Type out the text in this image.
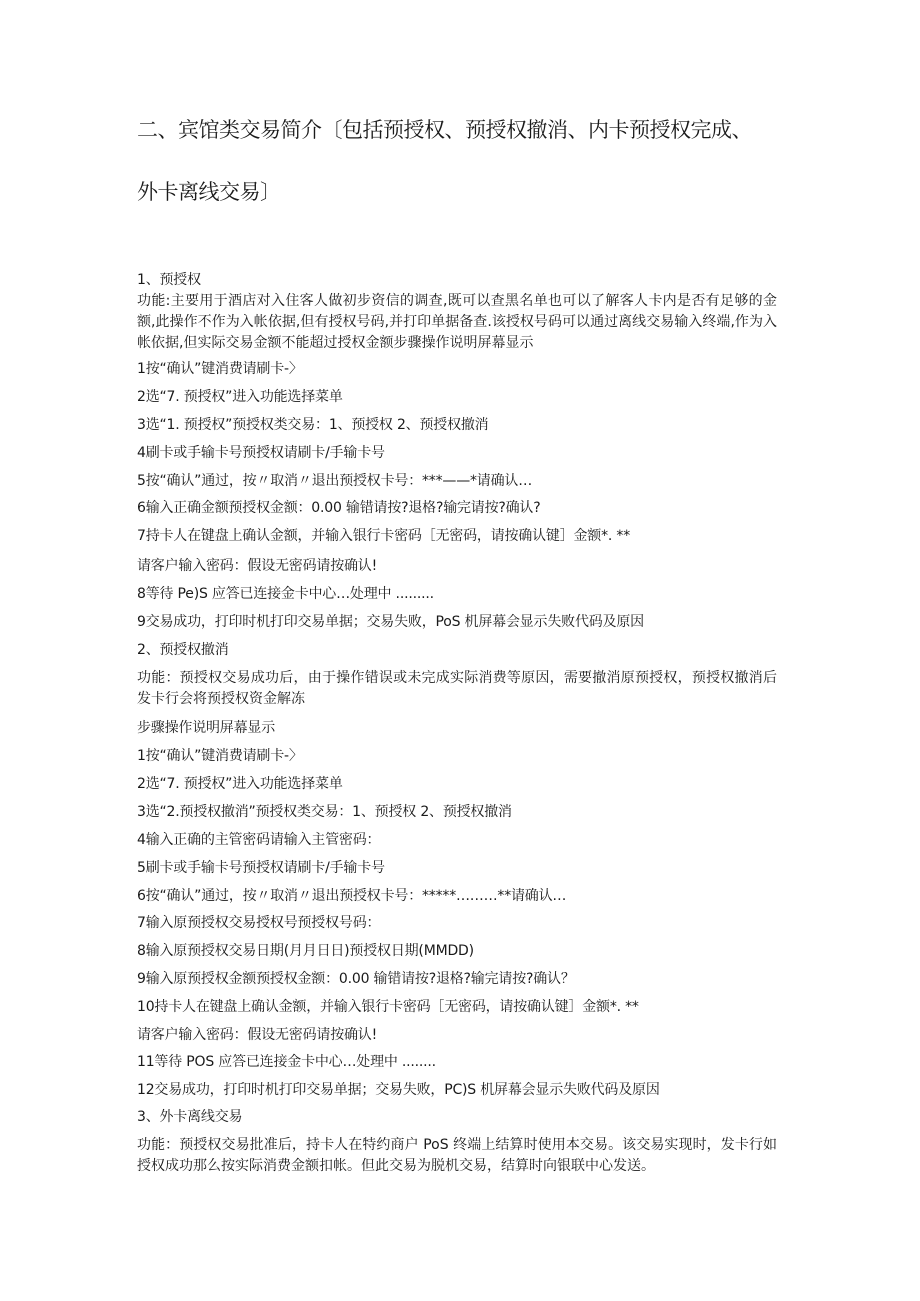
二、宾馆类交易简介〔包括预授权、预授权撤消、内卡预授权完成、
外卡离线交易〕

1、预授权

功能:主要用于酒店对入住客人做初步资信的调查,既可以查黑名单也可以了解客人卡内是否有足够的金额,此操作不作为入帐依据,但有授权号码,并打印单据备查.该授权号码可以通过离线交易输入终端,作为入帐依据,但实际交易金额不能超过授权金额步骤操作说明屏幕显示

1按“确认”键消费请刷卡-〉

2选“7. 预授权”进入功能选择菜单

3选“1. 预授权”预授权类交易：1、预授权 2、预授权撤消

4刷卡或手输卡号预授权请刷卡/手输卡号

5按“确认”通过，按〃取消〃退出预授权卡号：***——*请确认…

6输入正确金额预授权金额：0.00 输错请按?退格?输完请按?确认?

7持卡人在键盘上确认金额，并输入银行卡密码［无密码，请按确认键］金额*. **

请客户输入密码：假设无密码请按确认!

8等待 Pe)S 应答已连接金卡中心…处理中 .........

9交易成功，打印时机打印交易单据；交易失败，PoS 机屏幕会显示失败代码及原因

2、预授权撤消

功能：预授权交易成功后，由于操作错误或未完成实际消费等原因，需要撤消原预授权，预授权撤消后发卡行会将预授权资金解冻

步骤操作说明屏幕显示

1按“确认”键消费请刷卡-〉

2选“7. 预授权”进入功能选择菜单

3选“2.预授权撤消”预授权类交易：1、预授权 2、预授权撤消

4输入正确的主管密码请输入主管密码：

5刷卡或手输卡号预授权请刷卡/手输卡号

6按“确认”通过，按〃取消〃退出预授权卡号：*****………**请确认…

7输入原预授权交易授权号预授权号码：

8输入原预授权交易日期(月月日日)预授权日期(MMDD)

9输入原预授权金额预授权金额：0.00 输错请按?退格?输完请按?确认？

10持卡人在键盘上确认金额，并输入银行卡密码［无密码，请按确认键］金额*. **

请客户输入密码：假设无密码请按确认!

11等待 POS 应答已连接金卡中心…处理中 ........

12交易成功，打印时机打印交易单据；交易失败，PC)S 机屏幕会显示失败代码及原因

3、外卡离线交易

功能：预授权交易批准后，持卡人在特约商户 PoS 终端上结算时使用本交易。该交易实现时，发卡行如授权成功那么按实际消费金额扣帐。但此交易为脱机交易，结算时向银联中心发送。
